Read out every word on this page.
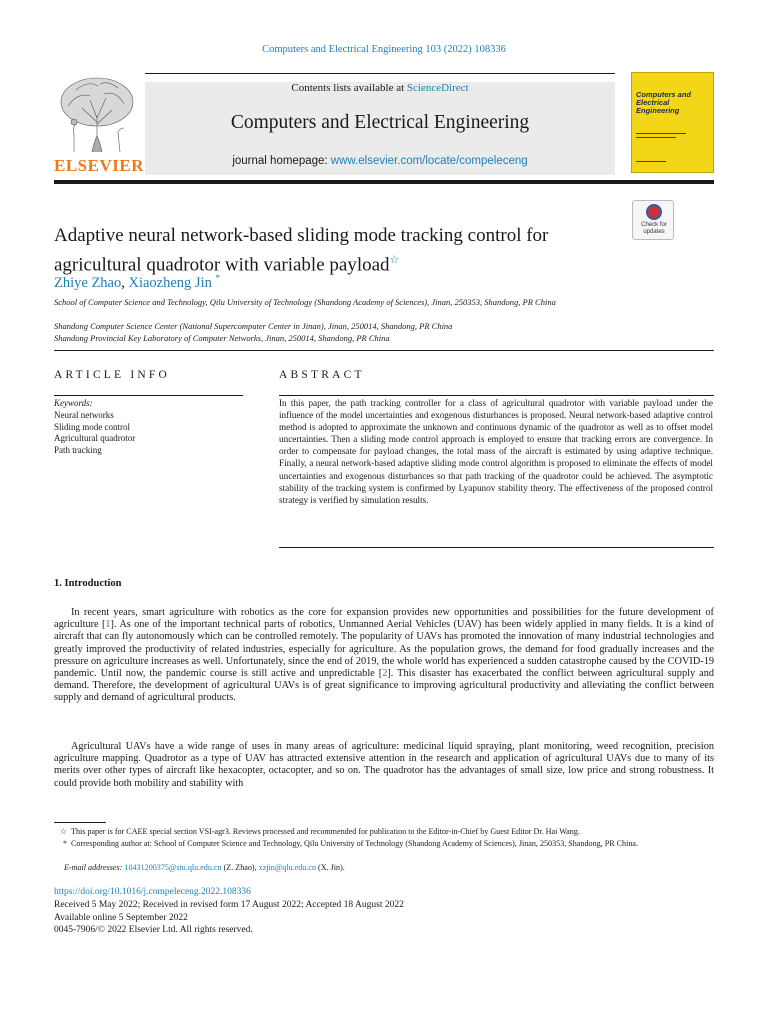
Computers and Electrical Engineering 103 (2022) 108336
ELSEVIER
Contents lists available at ScienceDirect
Computers and Electrical Engineering
journal homepage: www.elsevier.com/locate/compeleceng
Computers and Electrical Engineering
Check for updates
Adaptive neural network-based sliding mode tracking control for agricultural quadrotor with variable payload☆
Zhiye Zhao, Xiaozheng Jin *
School of Computer Science and Technology, Qilu University of Technology (Shandong Academy of Sciences), Jinan, 250353, Shandong, PR China
Shandong Computer Science Center (National Supercomputer Center in Jinan), Jinan, 250014, Shandong, PR China
Shandong Provincial Key Laboratory of Computer Networks, Jinan, 250014, Shandong, PR China
ARTICLE INFO	ABSTRACT
Keywords:
Neural networks
Sliding mode control
Agricultural quadrotor
Path tracking
In this paper, the path tracking controller for a class of agricultural quadrotor with variable payload under the influence of the model uncertainties and exogenous disturbances is proposed. Neural network-based adaptive control method is adopted to approximate the unknown and continuous dynamic of the quadrotor as well as to offset model uncertainties. Then a sliding mode control approach is employed to ensure that tracking errors are convergence. In order to compensate for payload changes, the total mass of the aircraft is estimated by using adaptive technique. Finally, a neural network-based adaptive sliding mode control algorithm is proposed to eliminate the effects of model uncertainties and exogenous disturbances so that path tracking of the quadrotor could be achieved. The asymptotic stability of the tracking system is confirmed by Lyapunov stability theory. The effectiveness of the proposed control strategy is verified by simulation results.
1. Introduction
In recent years, smart agriculture with robotics as the core for expansion provides new opportunities and possibilities for the future development of agriculture [1]. As one of the important technical parts of robotics, Unmanned Aerial Vehicles (UAV) has been widely applied in many fields. It is a kind of aircraft that can fly autonomously which can be controlled remotely. The popularity of UAVs has promoted the innovation of many industrial technologies and greatly improved the productivity of related industries, especially for agriculture. As the population grows, the demand for food gradually increases and the pressure on agriculture increases as well. Unfortunately, since the end of 2019, the whole world has experienced a sudden catastrophe caused by the COVID-19 pandemic. Until now, the pandemic course is still active and unpredictable [2]. This disaster has exacerbated the conflict between agricultural supply and demand. Therefore, the development of agricultural UAVs is of great significance to improving agricultural productivity and alleviating the conflict between supply and demand of agricultural products.
Agricultural UAVs have a wide range of uses in many areas of agriculture: medicinal liquid spraying, plant monitoring, weed recognition, precision agriculture mapping. Quadrotor as a type of UAV has attracted extensive attention in the research and application of agricultural UAVs due to many of its merits over other types of aircraft like hexacopter, octacopter, and so on. The quadrotor has the advantages of small size, low price and strong robustness. It could provide both mobility and stability with
☆ This paper is for CAEE special section VSI-agr3. Reviews processed and recommended for publication to the Editor-in-Chief by Guest Editor Dr. Hai Wang.
* Corresponding author at: School of Computer Science and Technology, Qilu University of Technology (Shandong Academy of Sciences), Jinan, 250353, Shandong, PR China.
E-mail addresses: 10431200375@stu.qlu.edu.cn (Z. Zhao), xzjin@qlu.edu.cn (X. Jin).
https://doi.org/10.1016/j.compeleceng.2022.108336
Received 5 May 2022; Received in revised form 17 August 2022; Accepted 18 August 2022
Available online 5 September 2022
0045-7906/© 2022 Elsevier Ltd. All rights reserved.
